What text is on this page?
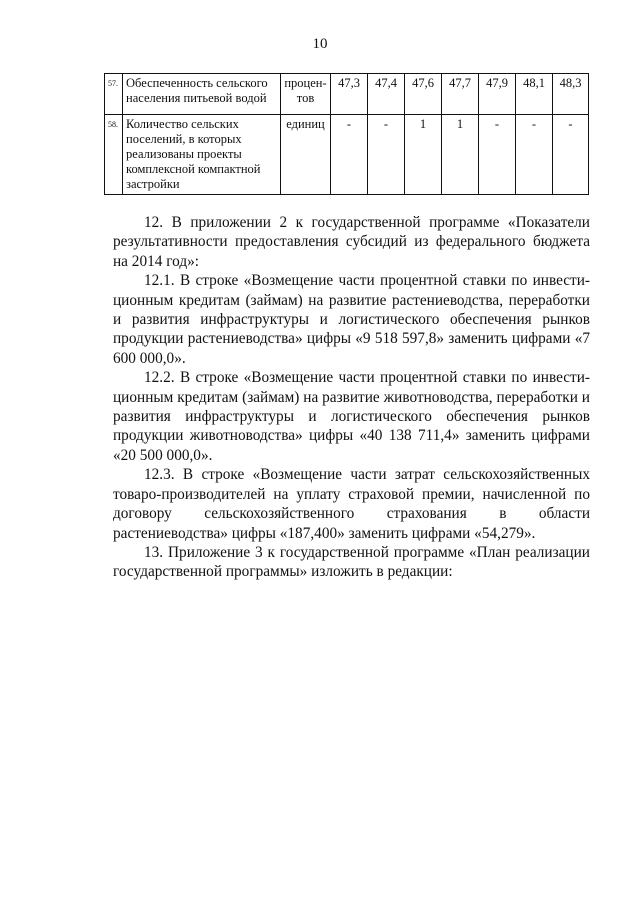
10
57.	Обеспеченность сельского населения питьевой водой	процен-тов	47,3	47,4	47,6	47,7	47,9	48,1	48,3
58.	Количество сельских поселений, в которых реализованы проекты комплексной компактной застройки	единиц	-	-	1	1	-	-	-

12. В приложении 2 к государственной программе «Показатели результативности предоставления субсидий из федерального бюджета на 2014 год»:

12.1. В строке «Возмещение части процентной ставки по инвести-ционным кредитам (займам) на развитие растениеводства, переработки и развития инфраструктуры и логистического обеспечения рынков продукции растениеводства» цифры «9 518 597,8» заменить цифрами «7 600 000,0».

12.2. В строке «Возмещение части процентной ставки по инвести-ционным кредитам (займам) на развитие животноводства, переработки и развития инфраструктуры и логистического обеспечения рынков продукции животноводства» цифры «40 138 711,4» заменить цифрами «20 500 000,0».

12.3. В строке «Возмещение части затрат сельскохозяйственных товаро-производителей на уплату страховой премии, начисленной по договору сельскохозяйственного страхования в области растениеводства» цифры «187,400» заменить цифрами «54,279».

13. Приложение 3 к государственной программе «План реализации государственной программы» изложить в редакции:
